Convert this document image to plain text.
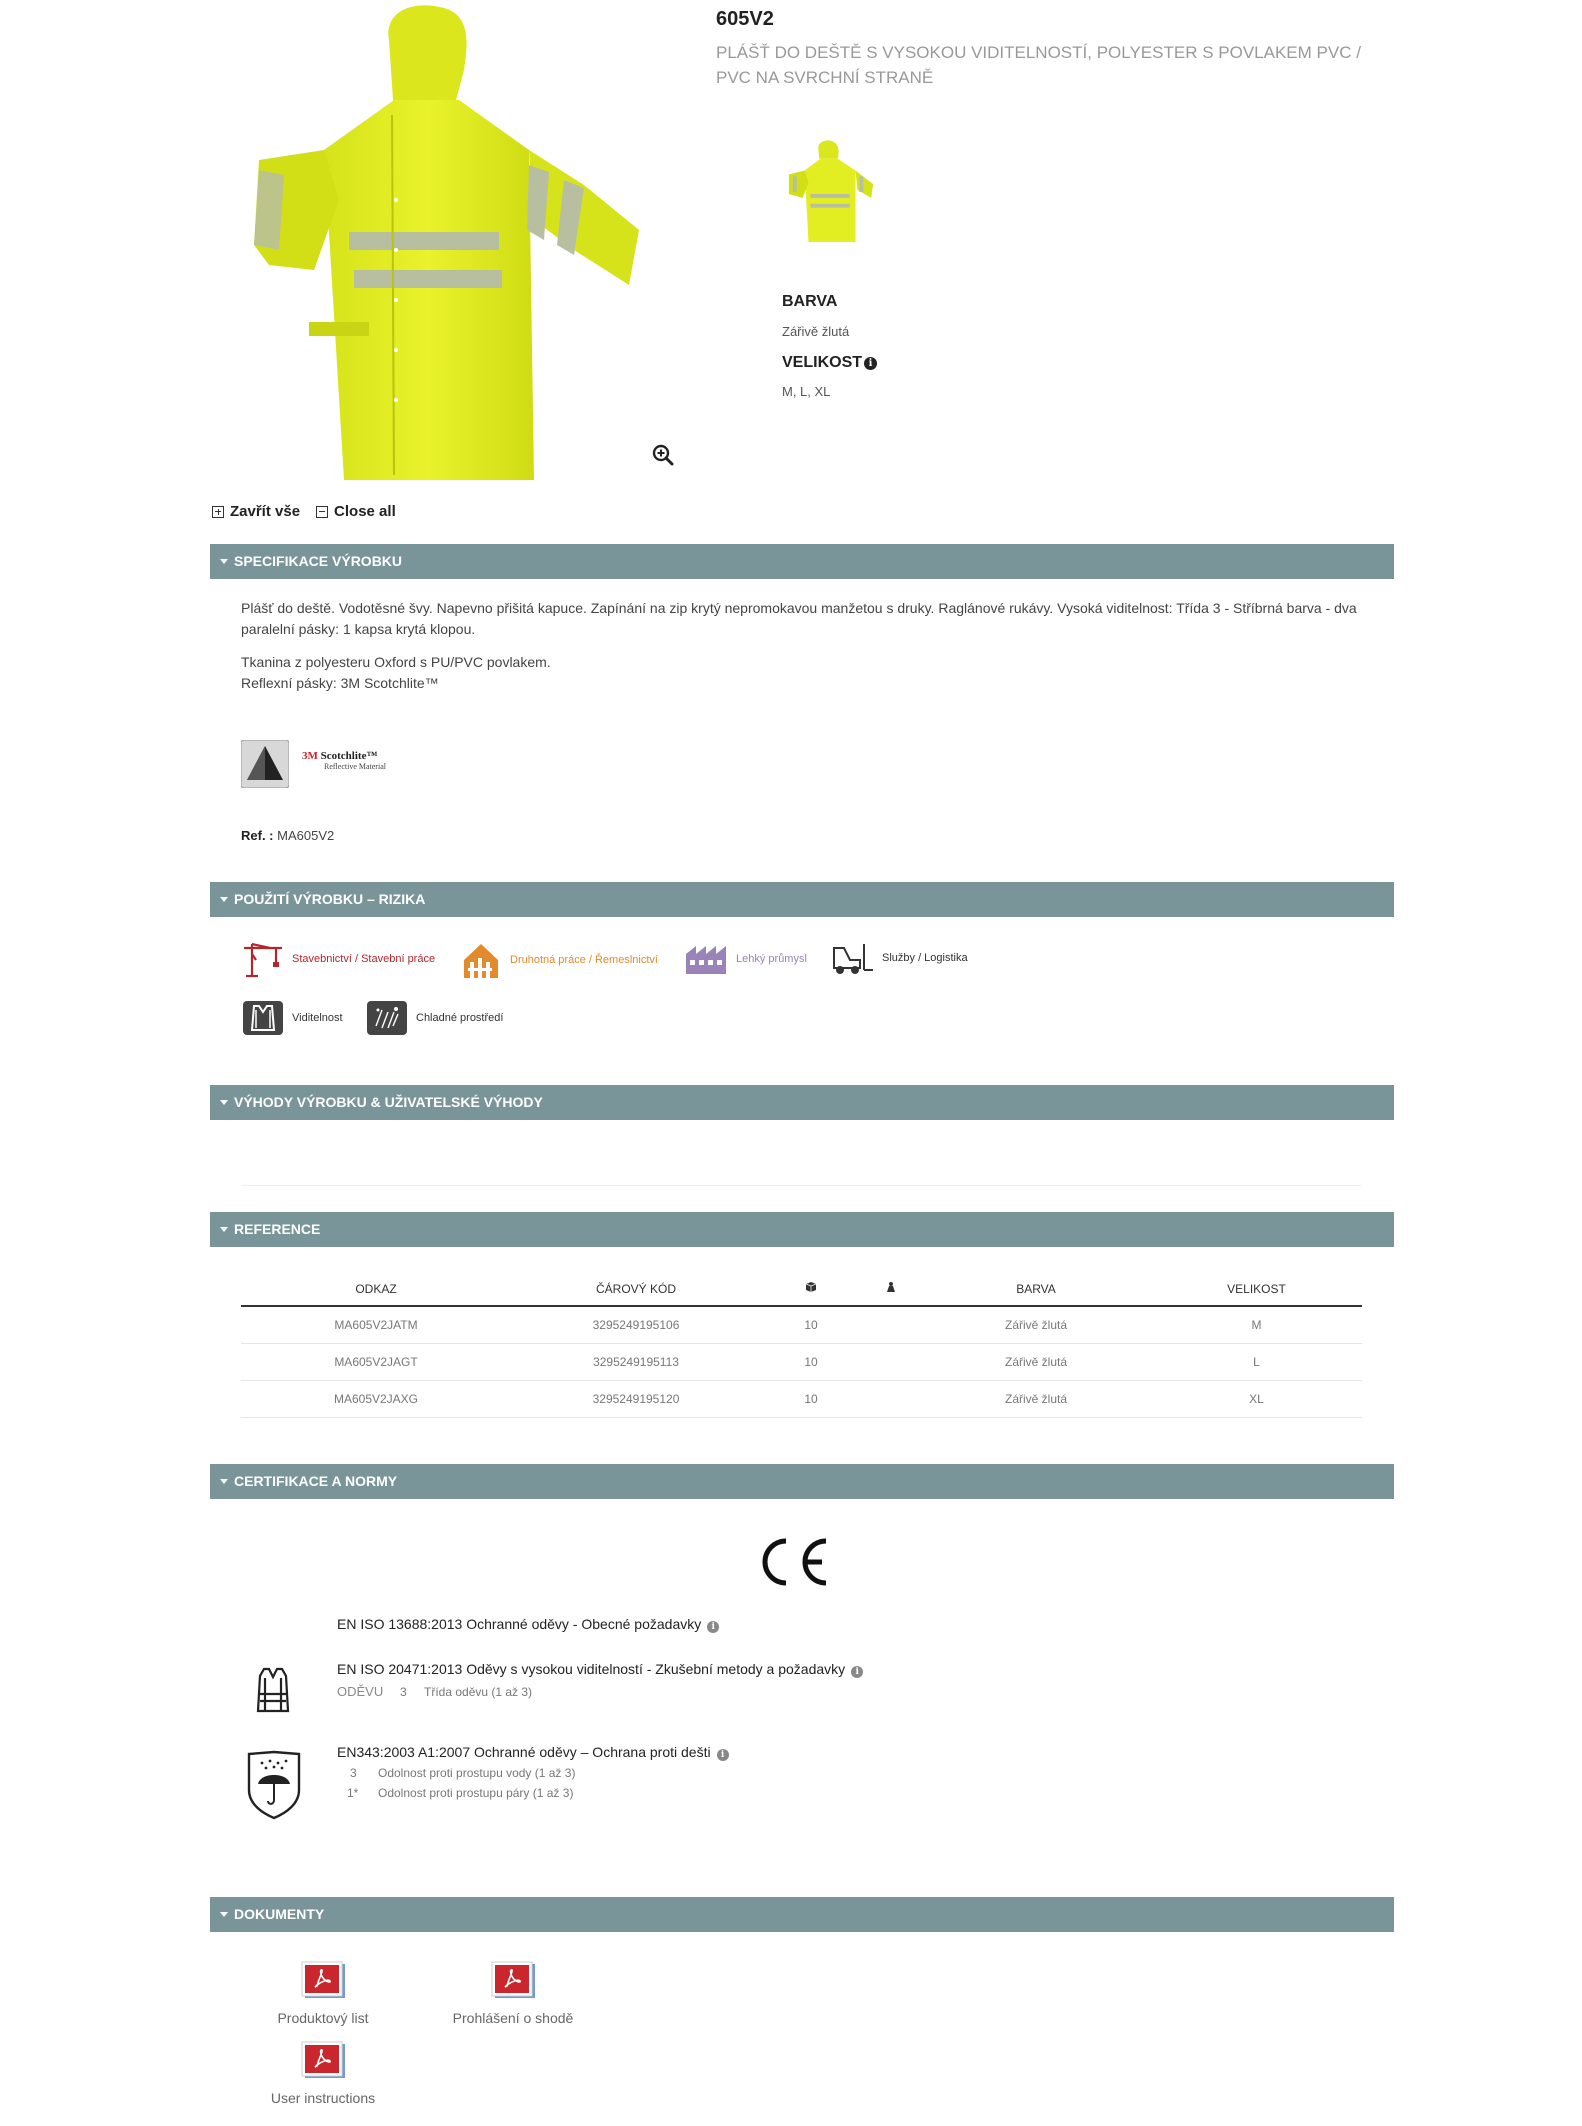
605V2
PLÁŠŤ DO DEŠTĚ S VYSOKOU VIDITELNOSTÍ, POLYESTER S POVLAKEM PVC / PVC NA SVRCHNÍ STRANĚ
BARVA
Zářivě žlutá
VELIKOST i
M, L, XL
Zavřít vše Close all
SPECIFIKACE VÝROBKU
Plášť do deště. Vodotěsné švy. Napevno přišitá kapuce. Zapínání na zip krytý nepromokavou manžetou s druky. Raglánové rukávy. Vysoká viditelnost: Třída 3 - Stříbrná barva - dva paralelní pásky: 1 kapsa krytá klopou.
Tkanina z polyesteru Oxford s PU/PVC povlakem.
Reflexní pásky: 3M Scotchlite™
3M Scotchlite™
Reflective Material
Ref. : MA605V2
POUŽITÍ VÝROBKU – RIZIKA
Stavebnictví / Stavební práce	Druhotná práce / Řemeslnictví	Lehký průmysl	Služby / Logistika
Viditelnost	Chladné prostředí
VÝHODY VÝROBKU & UŽIVATELSKÉ VÝHODY
REFERENCE
ODKAZ	ČÁROVÝ KÓD			BARVA	VELIKOST
MA605V2JATM	3295249195106	10		Zářivě žlutá	M
MA605V2JAGT	3295249195113	10		Zářivě žlutá	L
MA605V2JAXG	3295249195120	10		Zářivě žlutá	XL
CERTIFIKACE A NORMY
EN ISO 13688:2013 Ochranné oděvy - Obecné požadavky i
EN ISO 20471:2013 Oděvy s vysokou viditelností - Zkušební metody a požadavky i
ODĚVU 3 Třída oděvu (1 až 3)
EN343:2003 A1:2007 Ochranné oděvy – Ochrana proti dešti i
3 Odolnost proti prostupu vody (1 až 3)
1* Odolnost proti prostupu páry (1 až 3)
DOKUMENTY
Produktový list	Prohlášení o shodě
User instructions
